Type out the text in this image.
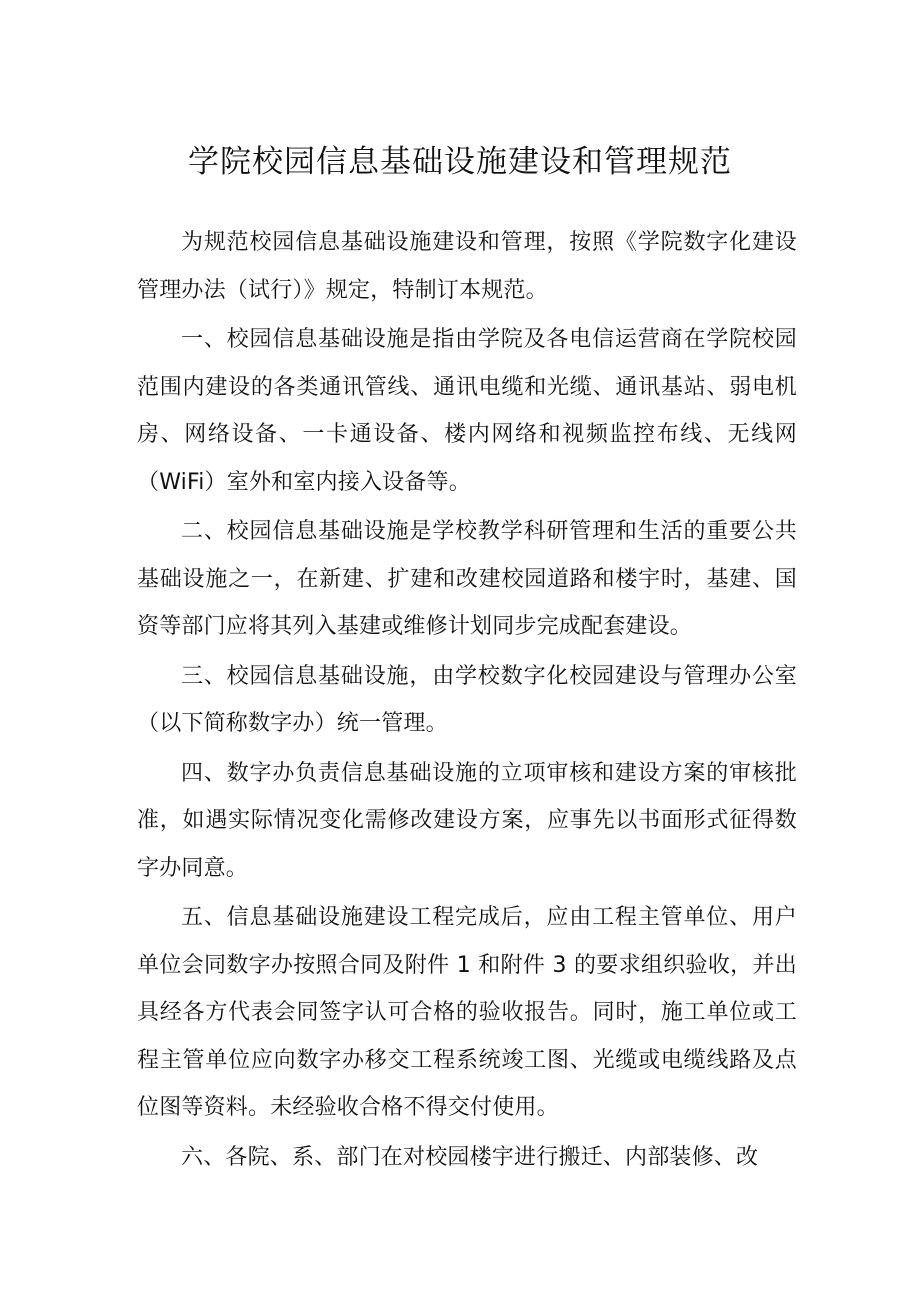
学院校园信息基础设施建设和管理规范

为规范校园信息基础设施建设和管理，按照《学院数字化建设管理办法（试行）》规定，特制订本规范。

一、校园信息基础设施是指由学院及各电信运营商在学院校园范围内建设的各类通讯管线、通讯电缆和光缆、通讯基站、弱电机房、网络设备、一卡通设备、楼内网络和视频监控布线、无线网（WiFi）室外和室内接入设备等。

二、校园信息基础设施是学校教学科研管理和生活的重要公共基础设施之一，在新建、扩建和改建校园道路和楼宇时，基建、国资等部门应将其列入基建或维修计划同步完成配套建设。

三、校园信息基础设施，由学校数字化校园建设与管理办公室（以下简称数字办）统一管理。

四、数字办负责信息基础设施的立项审核和建设方案的审核批准，如遇实际情况变化需修改建设方案，应事先以书面形式征得数字办同意。

五、信息基础设施建设工程完成后，应由工程主管单位、用户单位会同数字办按照合同及附件 1 和附件 3 的要求组织验收，并出具经各方代表会同签字认可合格的验收报告。同时，施工单位或工程主管单位应向数字办移交工程系统竣工图、光缆或电缆线路及点位图等资料。未经验收合格不得交付使用。

六、各院、系、部门在对校园楼宇进行搬迁、内部装修、改
